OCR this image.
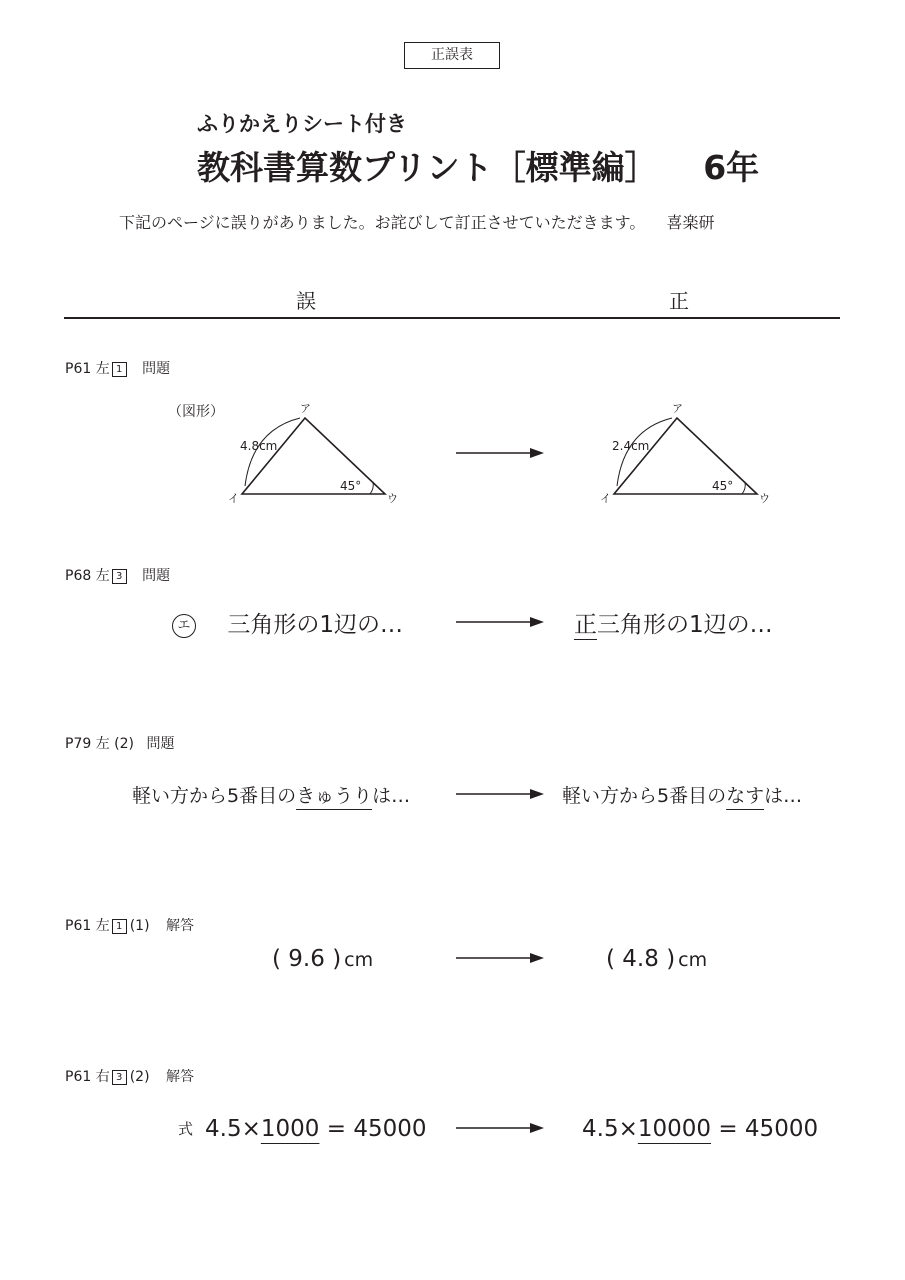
正誤表
ふりかえりシート付き
教科書算数プリント［標準編］ 6年
下記のページに誤りがありました。お詫びして訂正させていただきます。 喜楽研
誤	正
P61 左 1 問題
（図形）	ア
イ	ウ
4.8cm
45°
ア
イ	ウ
2.4cm
45°
P68 左 3 問題
エ 三角形の1辺の…	正三角形の1辺の…
P79 左 (2) 問題
軽い方から5番目のきゅうりは…	軽い方から5番目のなすは…
P61 左 1 (1) 解答
( 9.6 ) cm	( 4.8 ) cm
P61 右 3 (2) 解答
式 4.5×1000 = 45000	4.5×10000 = 45000
